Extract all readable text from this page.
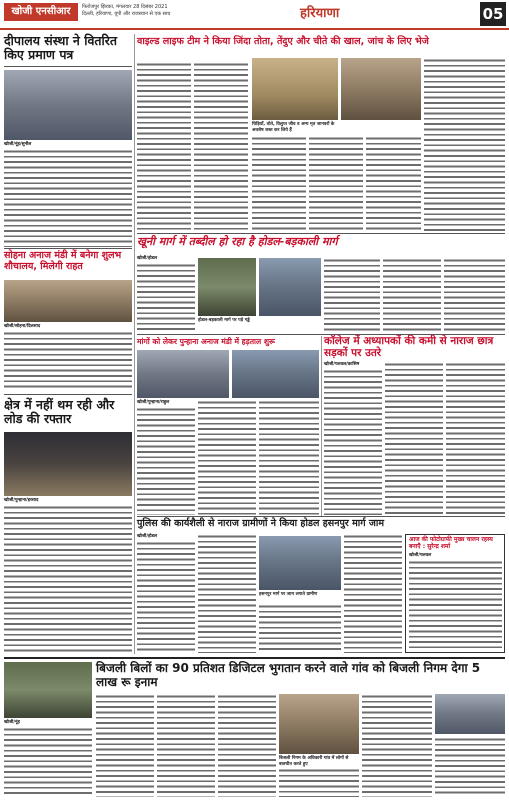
खोजी एनसीआर	फिरोजपुर झिरका, मंगलवार 28 दिसंबर 2021
दिल्ली, हरियाणा, यूपी और राजस्थान से एक साथ	हरियाणा	05
दीपालय संस्था ने वितरित किए प्रमाण पत्र
खोजी/नूंह/सुनील
वाइल्ड लाइफ टीम ने किया जिंदा तोता, तेंदुए और चीते की खाल, जांच के लिए भेजे
चिड़ियाँ, तोते, विलुप्त जीव व अन्य मृत जानवरों के अवशेष जब्त कर लिये हैं
खूनी मार्ग में तब्दील हो रहा है होडल-बड़काली मार्ग
खोजी/होडल
होडल-बड़काली मार्ग पर पड़े गड्ढे
सोहना अनाज मंडी में बनेगा शुलभ शौचालय, मिलेगी राहत
खोजी/सोहना/दिलशाद
मांगों को लेकर पुन्हाना अनाज मंडी में हड़ताल शुरू
खोजी/पुन्हाना/राहुल
कॉलेज में अध्यापकों की कमी से नाराज छात्र सड़कों पर उतरे
खोजी/पलवल/कासिम
क्षेत्र में नहीं थम रही और लोड की रफ्तार
खोजी/पुन्हाना/इरशाद
पुलिस की कार्यशैली से नाराज ग्रामीणों ने किया होडल हसनपुर मार्ग जाम
खोजी/होडल
हसनपुर मार्ग पर जाम लगाते ग्रामीण
आज की फोटोग्राफी मुख्य चालन रहस्य बनाएँ : सुरेन्द्र शर्मा
खोजी/पलवल
बिजली बिलों का 90 प्रतिशत डिजिटल भुगतान करने वाले गांव को बिजली निगम देगा 5 लाख रू इनाम
खोजी/नूंह
बिजली निगम के अधिकारी गांव में लोगों से बातचीत करते हुए
